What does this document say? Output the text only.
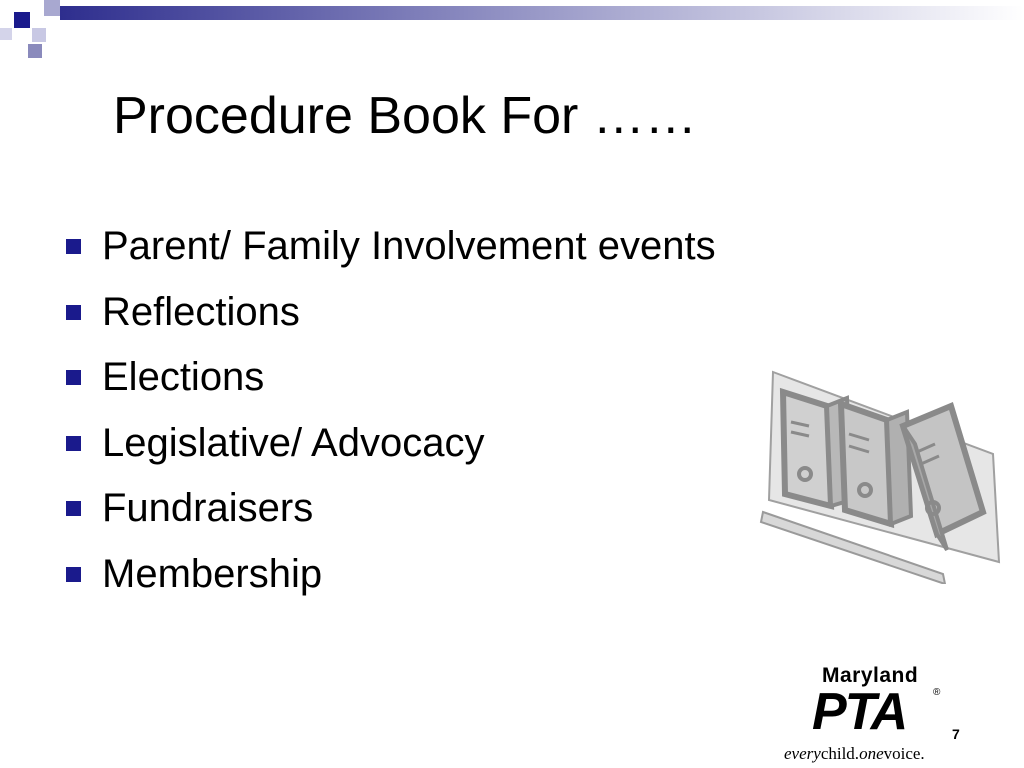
Procedure Book For ……
Parent/ Family Involvement events
Reflections
Elections
Legislative/ Advocacy
Fundraisers
Membership
Maryland
PTA	®
everychild.onevoice.
7
